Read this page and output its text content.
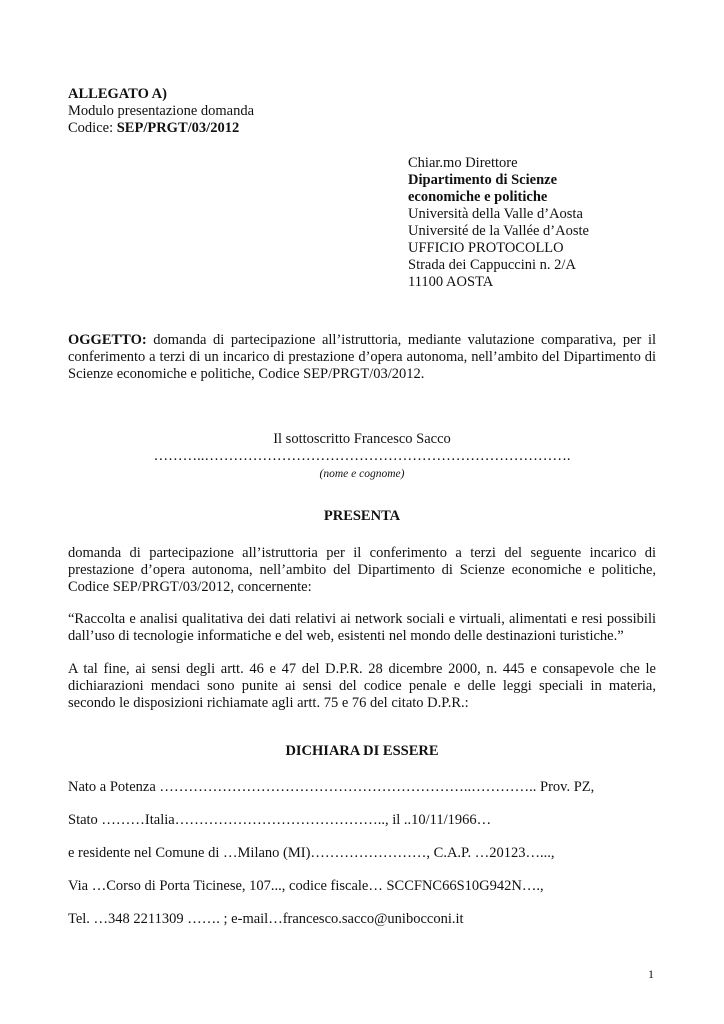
ALLEGATO A)
Modulo presentazione domanda
Codice: SEP/PRGT/03/2012
Chiar.mo Direttore
Dipartimento di Scienze
economiche e politiche
Università della Valle d’Aosta
Université de la Vallée d’Aoste
UFFICIO PROTOCOLLO
Strada dei Cappuccini n. 2/A
11100 AOSTA
OGGETTO: domanda di partecipazione all’istruttoria, mediante valutazione comparativa, per il conferimento a terzi di un incarico di prestazione d’opera autonoma, nell’ambito del Dipartimento di Scienze economiche e politiche, Codice SEP/PRGT/03/2012.
Il sottoscritto Francesco Sacco
………..………………………………………………………………….
(nome e cognome)
PRESENTA
domanda di partecipazione all’istruttoria per il conferimento a terzi del seguente incarico di prestazione d’opera autonoma, nell’ambito del Dipartimento di Scienze economiche e politiche, Codice SEP/PRGT/03/2012, concernente:
“Raccolta e analisi qualitativa dei dati relativi ai network sociali e virtuali, alimentati e resi possibili dall’uso di tecnologie informatiche e del web, esistenti nel mondo delle destinazioni turistiche.”
A tal fine, ai sensi degli artt. 46 e 47 del D.P.R. 28 dicembre 2000, n. 445 e consapevole che le dichiarazioni mendaci sono punite ai sensi del codice penale e delle leggi speciali in materia, secondo le disposizioni richiamate agli artt. 75 e 76 del citato D.P.R.:
DICHIARA DI ESSERE
Nato a Potenza ………………………………………………………..………….. Prov. PZ,
Stato ………Italia…………………………………….., il ..10/11/1966…
e residente nel Comune di …Milano (MI)……………………, C.A.P. …20123…...,
Via …Corso di Porta Ticinese, 107..., codice fiscale… SCCFNC66S10G942N….,
Tel. …348 2211309 ……. ; e-mail…francesco.sacco@unibocconi.it
1
